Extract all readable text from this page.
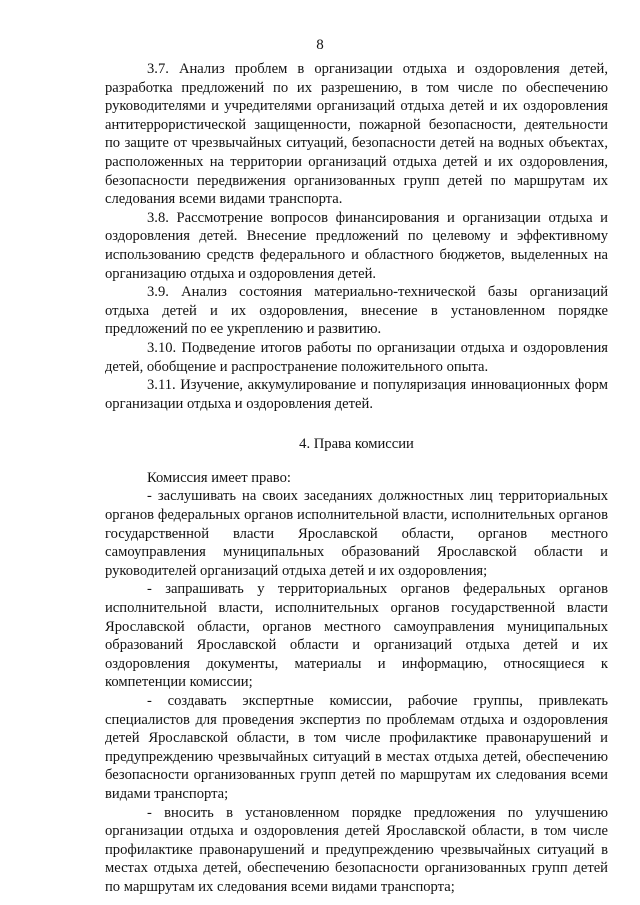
8

3.7. Анализ проблем в организации отдыха и оздоровления детей, разработка предложений по их разрешению, в том числе по обеспечению руководителями и учредителями организаций отдыха детей и их оздоровления антитеррористической защищенности, пожарной безопасности, деятельности по защите от чрезвычайных ситуаций, безопасности детей на водных объектах, расположенных на территории организаций отдыха детей и их оздоровления, безопасности передвижения организованных групп детей по маршрутам их следования всеми видами транспорта.

3.8. Рассмотрение вопросов финансирования и организации отдыха и оздоровления детей. Внесение предложений по целевому и эффективному использованию средств федерального и областного бюджетов, выделенных на организацию отдыха и оздоровления детей.

3.9. Анализ состояния материально-технической базы организаций отдыха детей и их оздоровления, внесение в установленном порядке предложений по ее укреплению и развитию.

3.10. Подведение итогов работы по организации отдыха и оздоровления детей, обобщение и распространение положительного опыта.

3.11. Изучение, аккумулирование и популяризация инновационных форм организации отдыха и оздоровления детей.

4. Права комиссии

Комиссия имеет право:

- заслушивать на своих заседаниях должностных лиц территориальных органов федеральных органов исполнительной власти, исполнительных органов государственной власти Ярославской области, органов местного самоуправления муниципальных образований Ярославской области и руководителей организаций отдыха детей и их оздоровления;

- запрашивать у территориальных органов федеральных органов исполнительной власти, исполнительных органов государственной власти Ярославской области, органов местного самоуправления муниципальных образований Ярославской области и организаций отдыха детей и их оздоровления документы, материалы и информацию, относящиеся к компетенции комиссии;

- создавать экспертные комиссии, рабочие группы, привлекать специалистов для проведения экспертиз по проблемам отдыха и оздоровления детей Ярославской области, в том числе профилактике правонарушений и предупреждению чрезвычайных ситуаций в местах отдыха детей, обеспечению безопасности организованных групп детей по маршрутам их следования всеми видами транспорта;

- вносить в установленном порядке предложения по улучшению организации отдыха и оздоровления детей Ярославской области, в том числе профилактике правонарушений и предупреждению чрезвычайных ситуаций в местах отдыха детей, обеспечению безопасности организованных групп детей по маршрутам их следования всеми видами транспорта;
